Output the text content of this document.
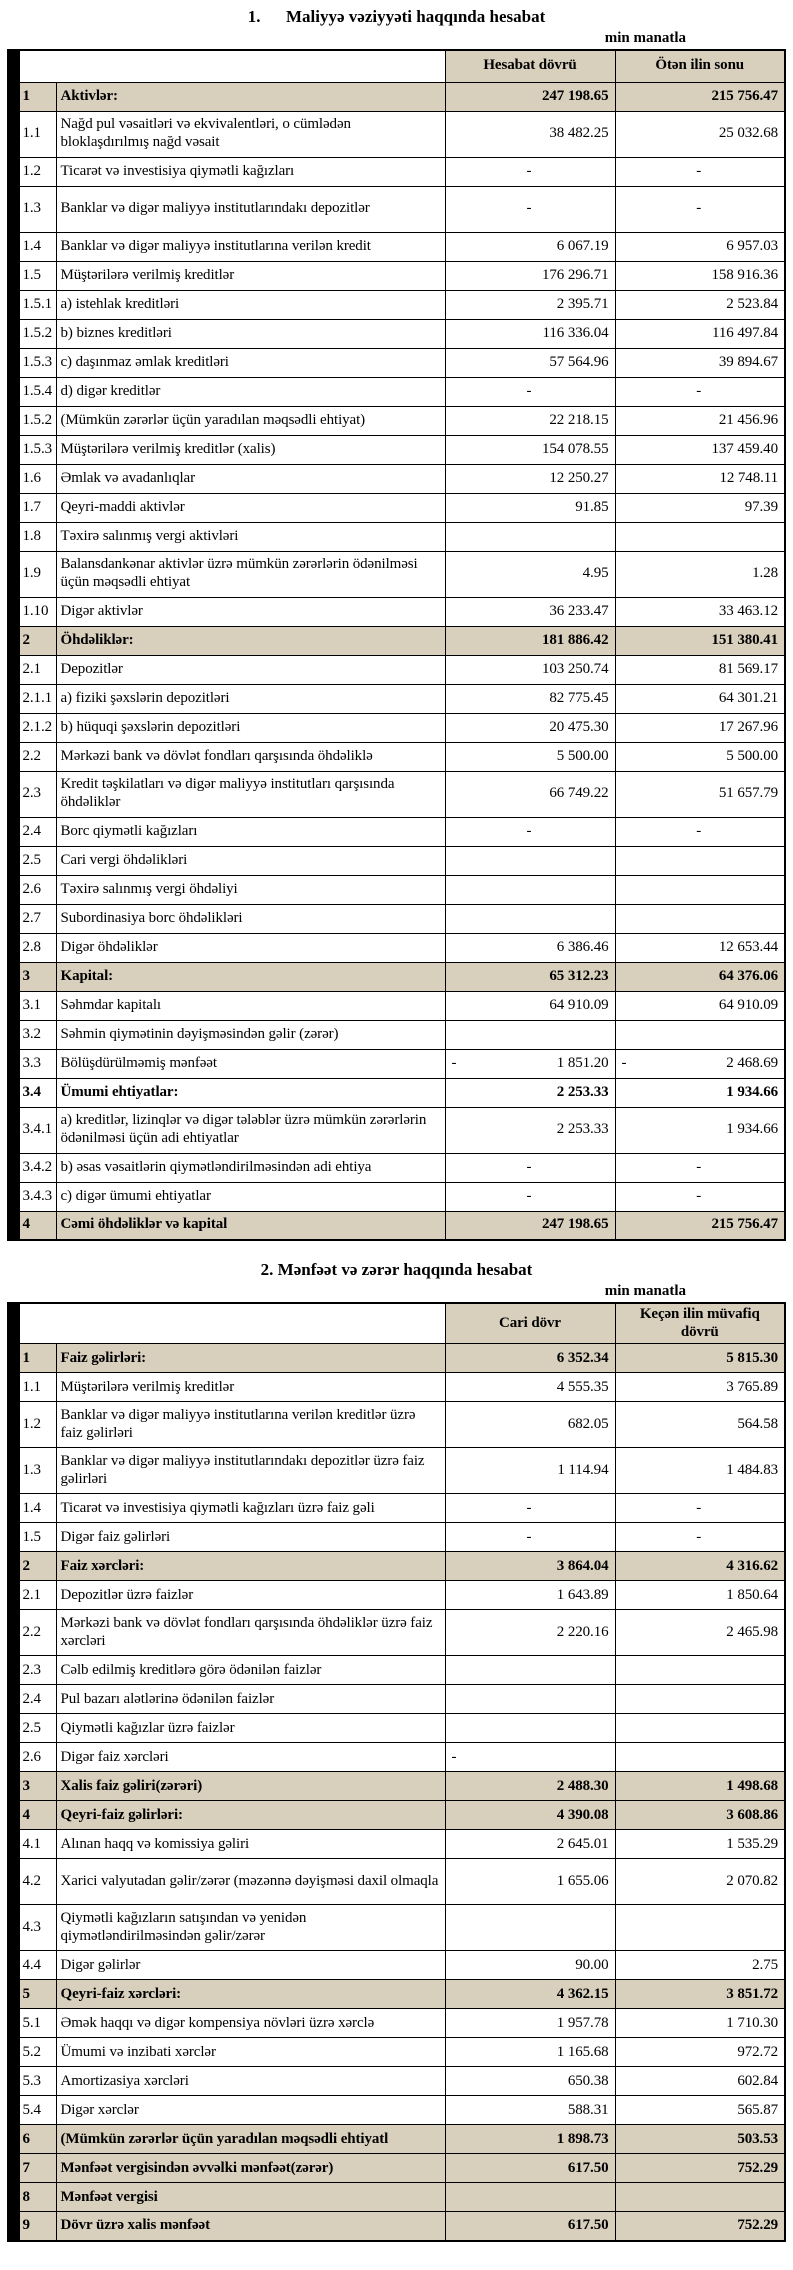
1.      Maliyyə vəziyyəti haqqında hesabat
min manatla
			Hesabat dövrü	Ötən ilin sonu
	1	Aktivlər:	247 198.65	215 756.47
	1.1	Nağd pul vəsaitləri və ekvivalentləri, o cümlədən bloklaşdırılmış nağd vəsait	38 482.25	25 032.68
	1.2	Ticarət və investisiya qiymətli kağızları	-	-
	1.3	Banklar və digər maliyyə institutlarındakı depozitlər	-	-
	1.4	Banklar və digər maliyyə institutlarına verilən kredit	6 067.19	6 957.03
	1.5	Müştərilərə verilmiş kreditlər	176 296.71	158 916.36
	1.5.1	a) istehlak kreditləri	2 395.71	2 523.84
	1.5.2	b) biznes kreditləri	116 336.04	116 497.84
	1.5.3	c) daşınmaz əmlak kreditləri	57 564.96	39 894.67
	1.5.4	d) digər kreditlər	-	-
	1.5.2	(Mümkün zərərlər üçün yaradılan məqsədli ehtiyat)	22 218.15	21 456.96
	1.5.3	Müştərilərə verilmiş kreditlər (xalis)	154 078.55	137 459.40
	1.6	Əmlak və avadanlıqlar	12 250.27	12 748.11
	1.7	Qeyri-maddi aktivlər	91.85	97.39
	1.8	Təxirə salınmış vergi aktivləri		
	1.9	Balansdankənar aktivlər üzrə mümkün zərərlərin ödənilməsi üçün məqsədli ehtiyat	4.95	1.28
	1.10	Digər aktivlər	36 233.47	33 463.12
	2	Öhdəliklər:	181 886.42	151 380.41
	2.1	Depozitlər	103 250.74	81 569.17
	2.1.1	a) fiziki şəxslərin depozitləri	82 775.45	64 301.21
	2.1.2	b) hüquqi şəxslərin depozitləri	20 475.30	17 267.96
	2.2	Mərkəzi bank və dövlət fondları qarşısında öhdəliklə	5 500.00	5 500.00
	2.3	Kredit təşkilatları və digər maliyyə institutları qarşısında öhdəliklər	66 749.22	51 657.79
	2.4	Borc qiymətli kağızları	-	-
	2.5	Cari vergi öhdəlikləri		
	2.6	Təxirə salınmış vergi öhdəliyi		
	2.7	Subordinasiya borc öhdəlikləri		
	2.8	Digər öhdəliklər	6 386.46	12 653.44
	3	Kapital:	65 312.23	64 376.06
	3.1	Səhmdar kapitalı	64 910.09	64 910.09
	3.2	Səhmin qiymətinin dəyişməsindən gəlir (zərər)		
	3.3	Bölüşdürülməmiş mənfəət	- 1 851.20	- 2 468.69
	3.4	Ümumi ehtiyatlar:	2 253.33	1 934.66
	3.4.1	a) kreditlər, lizinqlər və digər tələblər üzrə mümkün zərərlərin ödənilməsi üçün adi ehtiyatlar	2 253.33	1 934.66
	3.4.2	b) əsas vəsaitlərin qiymətləndirilməsindən adi ehtiya	-	-
	3.4.3	c) digər ümumi ehtiyatlar	-	-
	4	Cəmi öhdəliklər və kapital	247 198.65	215 756.47
2. Mənfəət və zərər haqqında hesabat
min manatla
			Cari dövr	Keçən ilin müvafiq dövrü
	1	Faiz gəlirləri:	6 352.34	5 815.30
	1.1	Müştərilərə verilmiş kreditlər	4 555.35	3 765.89
	1.2	Banklar və digər maliyyə institutlarına verilən kreditlər üzrə faiz gəlirləri	682.05	564.58
	1.3	Banklar və digər maliyyə institutlarındakı depozitlər üzrə faiz gəlirləri	1 114.94	1 484.83
	1.4	Ticarət və investisiya qiymətli kağızları üzrə faiz gəli	-	-
	1.5	Digər faiz gəlirləri	-	-
	2	Faiz xərcləri:	3 864.04	4 316.62
	2.1	Depozitlər üzrə faizlər	1 643.89	1 850.64
	2.2	Mərkəzi bank və dövlət fondları qarşısında öhdəliklər üzrə faiz xərcləri	2 220.16	2 465.98
	2.3	Cəlb edilmiş kreditlərə görə ödənilən faizlər		
	2.4	Pul bazarı alətlərinə ödənilən faizlər		
	2.5	Qiymətli kağızlar üzrə faizlər		
	2.6	Digər faiz xərcləri	-	

	3	Xalis faiz gəliri(zərəri)	2 488.30	1 498.68
	4	Qeyri-faiz gəlirləri:	4 390.08	3 608.86
	4.1	Alınan haqq və komissiya gəliri	2 645.01	1 535.29
	4.2	Xarici valyutadan gəlir/zərər (məzənnə dəyişməsi daxil olmaqla	1 655.06	2 070.82
	4.3	Qiymətli kağızların satışından və yenidən qiymətləndirilməsindən gəlir/zərər		
	4.4	Digər gəlirlər	90.00	2.75
	5	Qeyri-faiz xərcləri:	4 362.15	3 851.72
	5.1	Əmək haqqı və digər kompensiya növləri üzrə xərclə	1 957.78	1 710.30
	5.2	Ümumi və inzibati xərclər	1 165.68	972.72
	5.3	Amortizasiya xərcləri	650.38	602.84
	5.4	Digər xərclər	588.31	565.87
	6	(Mümkün zərərlər üçün yaradılan məqsədli ehtiyatl	1 898.73	503.53
	7	Mənfəət vergisindən əvvəlki mənfəət(zərər)	617.50	752.29
	8	Mənfəət vergisi		
	9	Dövr üzrə xalis mənfəət	617.50	752.29
